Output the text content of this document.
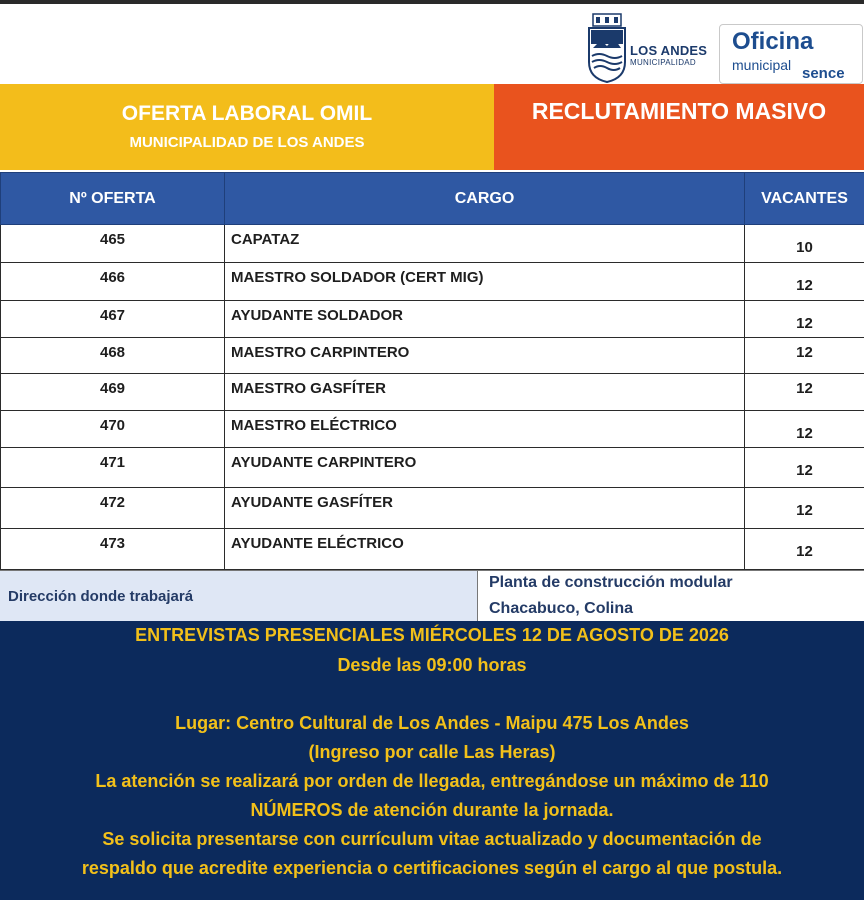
LOS ANDES
MUNICIPALIDAD
Oficina
municipal sence
OFERTA LABORAL OMIL
MUNICIPALIDAD DE LOS ANDES
RECLUTAMIENTO MASIVO
Nº OFERTA	CARGO	VACANTES
465	CAPATAZ	10
466	MAESTRO SOLDADOR (CERT MIG)	12
467	AYUDANTE SOLDADOR	12
468	MAESTRO CARPINTERO	12
469	MAESTRO GASFÍTER	12
470	MAESTRO ELÉCTRICO	12
471	AYUDANTE CARPINTERO	12
472	AYUDANTE GASFÍTER	12
473	AYUDANTE ELÉCTRICO	12
Dirección donde trabajará
Planta de construcción modular
Chacabuco, Colina
ENTREVISTAS PRESENCIALES MIÉRCOLES 12 DE AGOSTO DE 2026
Desde las 09:00 horas
Lugar: Centro Cultural de Los Andes - Maipu 475 Los Andes
(Ingreso por calle Las Heras)
La atención se realizará por orden de llegada, entregándose un máximo de 110
NÚMEROS de atención durante la jornada.
Se solicita presentarse con currículum vitae actualizado y documentación de
respaldo que acredite experiencia o certificaciones según el cargo al que postula.
